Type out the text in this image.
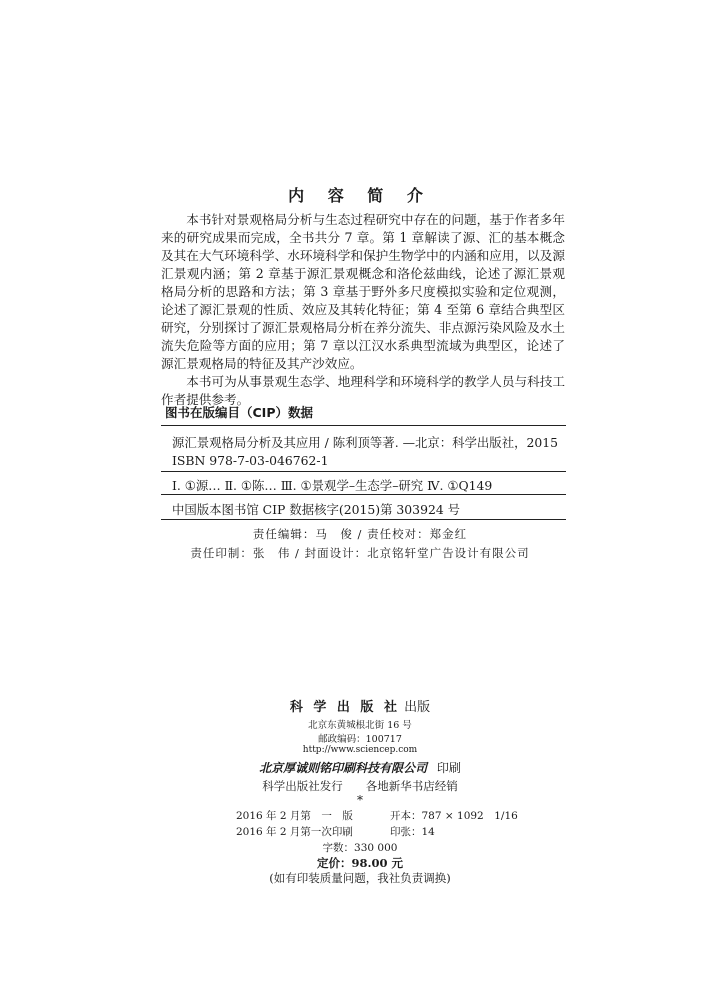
内 容 简 介

本书针对景观格局分析与生态过程研究中存在的问题，基于作者多年来的研究成果而完成，全书共分 7 章。第 1 章解读了源、汇的基本概念及其在大气环境科学、水环境科学和保护生物学中的内涵和应用，以及源汇景观内涵；第 2 章基于源汇景观概念和洛伦兹曲线，论述了源汇景观格局分析的思路和方法；第 3 章基于野外多尺度模拟实验和定位观测，论述了源汇景观的性质、效应及其转化特征；第 4 至第 6 章结合典型区研究，分别探讨了源汇景观格局分析在养分流失、非点源污染风险及水土流失危险等方面的应用；第 7 章以江汉水系典型流域为典型区，论述了源汇景观格局的特征及其产沙效应。

本书可为从事景观生态学、地理科学和环境科学的教学人员与科技工作者提供参考。

图书在版编目（CIP）数据
源汇景观格局分析及其应用 / 陈利顶等著. —北京：科学出版社，2015
ISBN 978-7-03-046762-1
Ⅰ. ①源… Ⅱ. ①陈… Ⅲ. ①景观学–生态学–研究 Ⅳ. ①Q149
中国版本图书馆 CIP 数据核字(2015)第 303924 号
责任编辑：马　俊 / 责任校对：郑金红
责任印制：张　伟 / 封面设计：北京铭轩堂广告设计有限公司
科 学 出 版 社 出版
北京东黄城根北街 16 号
邮政编码：100717
http://www.sciencep.com
北京厚诚则铭印刷科技有限公司 印刷
科学出版社发行　　各地新华书店经销
*
2016 年 2 月第　一　版	开本：787 × 1092　1/16
2016 年 2 月第一次印刷	印张：14
字数：330 000
定价：98.00 元
(如有印装质量问题，我社负责调换)
